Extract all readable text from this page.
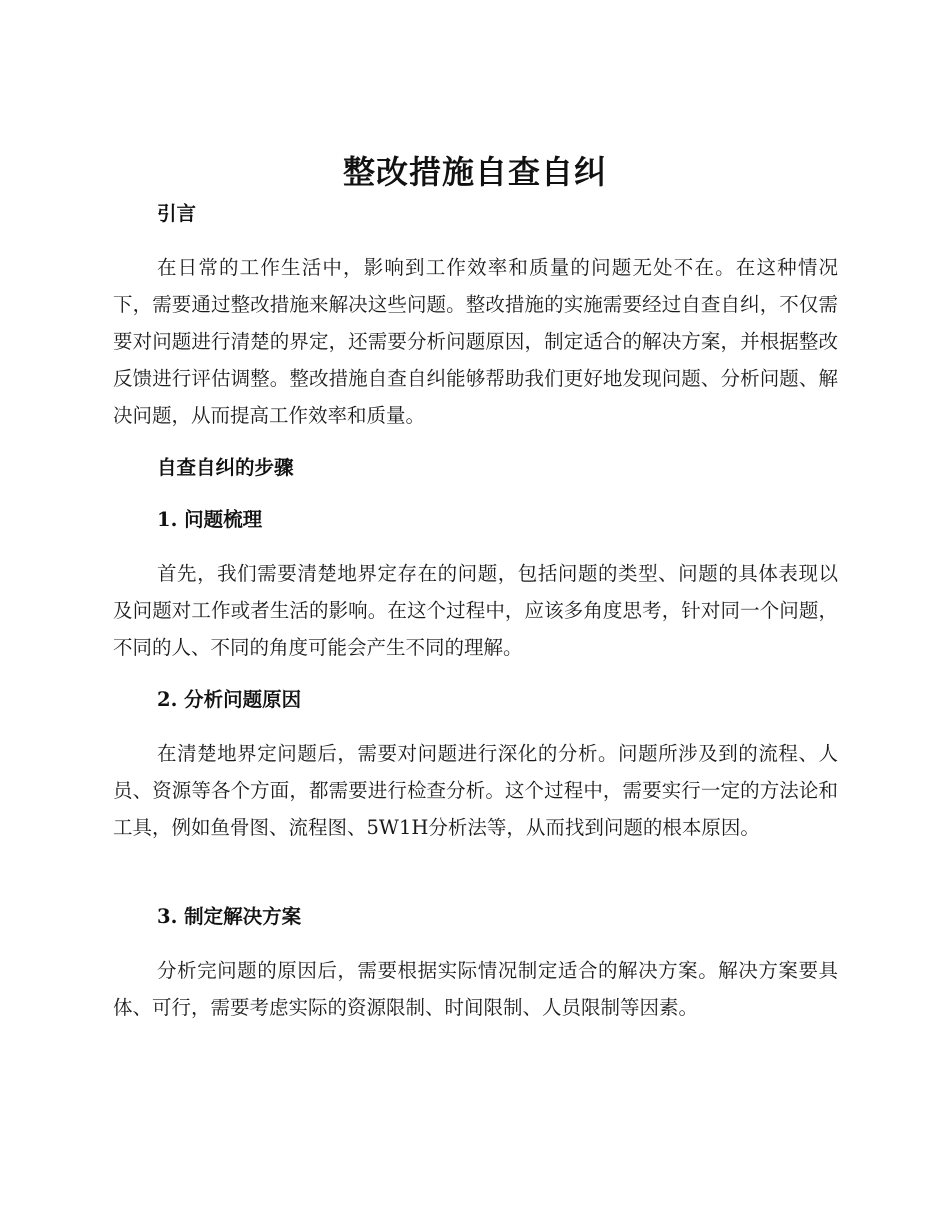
整改措施自查自纠
引言
在日常的工作生活中，影响到工作效率和质量的问题无处不在。在这种情况下，需要通过整改措施来解决这些问题。整改措施的实施需要经过自查自纠，不仅需要对问题进行清楚的界定，还需要分析问题原因，制定适合的解决方案，并根据整改反馈进行评估调整。整改措施自查自纠能够帮助我们更好地发现问题、分析问题、解决问题，从而提高工作效率和质量。
自查自纠的步骤
1. 问题梳理
首先，我们需要清楚地界定存在的问题，包括问题的类型、问题的具体表现以及问题对工作或者生活的影响。在这个过程中，应该多角度思考，针对同一个问题，不同的人、不同的角度可能会产生不同的理解。
2. 分析问题原因
在清楚地界定问题后，需要对问题进行深化的分析。问题所涉及到的流程、人员、资源等各个方面，都需要进行检查分析。这个过程中，需要实行一定的方法论和工具，例如鱼骨图、流程图、5W1H分析法等，从而找到问题的根本原因。
3. 制定解决方案
分析完问题的原因后，需要根据实际情况制定适合的解决方案。解决方案要具体、可行，需要考虑实际的资源限制、时间限制、人员限制等因素。
